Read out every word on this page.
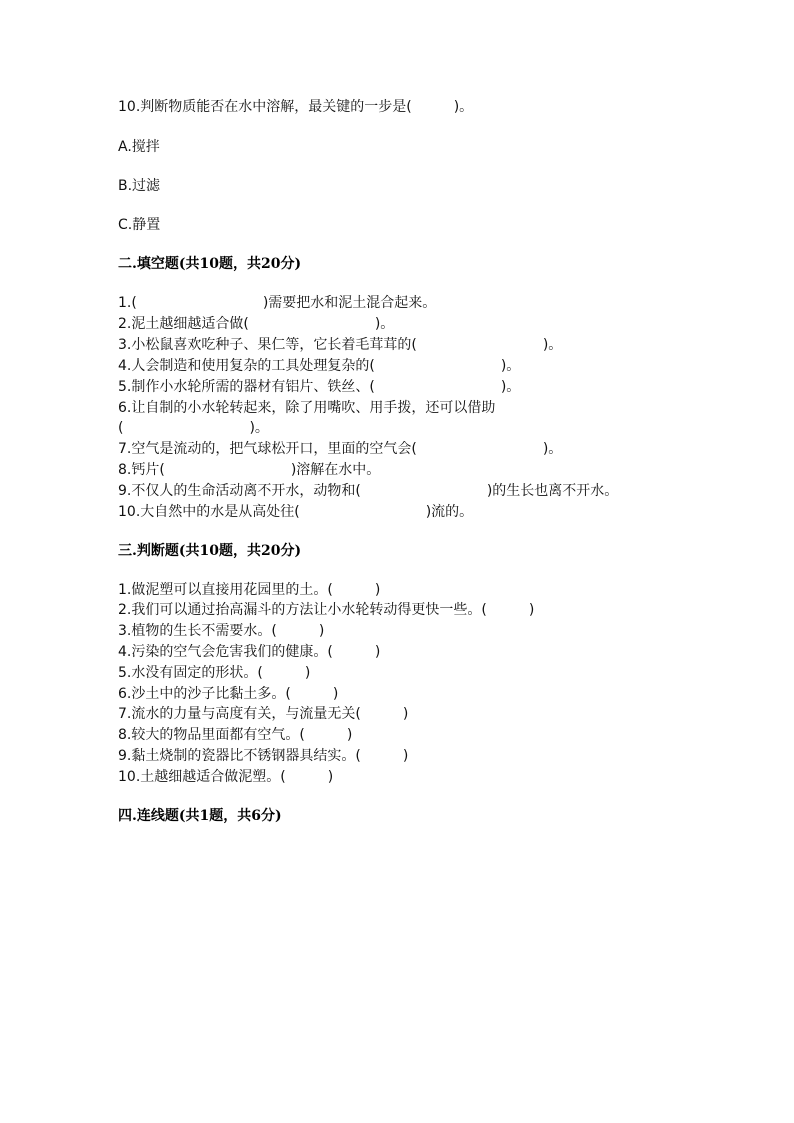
10.判断物质能否在水中溶解，最关键的一步是(　　　)。
A.搅拌
B.过滤
C.静置
二.填空题(共10题，共20分)
1.(　　　　　　　　　)需要把水和泥土混合起来。
2.泥土越细越适合做(　　　　　　　　　)。
3.小松鼠喜欢吃种子、果仁等，它长着毛茸茸的(　　　　　　　　　)。
4.人会制造和使用复杂的工具处理复杂的(　　　　　　　　　)。
5.制作小水轮所需的器材有铝片、铁丝、(　　　　　　　　　)。
6.让自制的小水轮转起来，除了用嘴吹、用手拨，还可以借助
(　　　　　　　　　)。
7.空气是流动的，把气球松开口，里面的空气会(　　　　　　　　　)。
8.钙片(　　　　　　　　　)溶解在水中。
9.不仅人的生命活动离不开水，动物和(　　　　　　　　　)的生长也离不开水。
10.大自然中的水是从高处往(　　　　　　　　　)流的。
三.判断题(共10题，共20分)
1.做泥塑可以直接用花园里的土。(　　　)
2.我们可以通过抬高漏斗的方法让小水轮转动得更快一些。(　　　)
3.植物的生长不需要水。(　　　)
4.污染的空气会危害我们的健康。(　　　)
5.水没有固定的形状。(　　　)
6.沙土中的沙子比黏土多。(　　　)
7.流水的力量与高度有关，与流量无关(　　　)
8.较大的物品里面都有空气。(　　　)
9.黏土烧制的瓷器比不锈钢器具结实。(　　　)
10.土越细越适合做泥塑。(　　　)
四.连线题(共1题，共6分)
